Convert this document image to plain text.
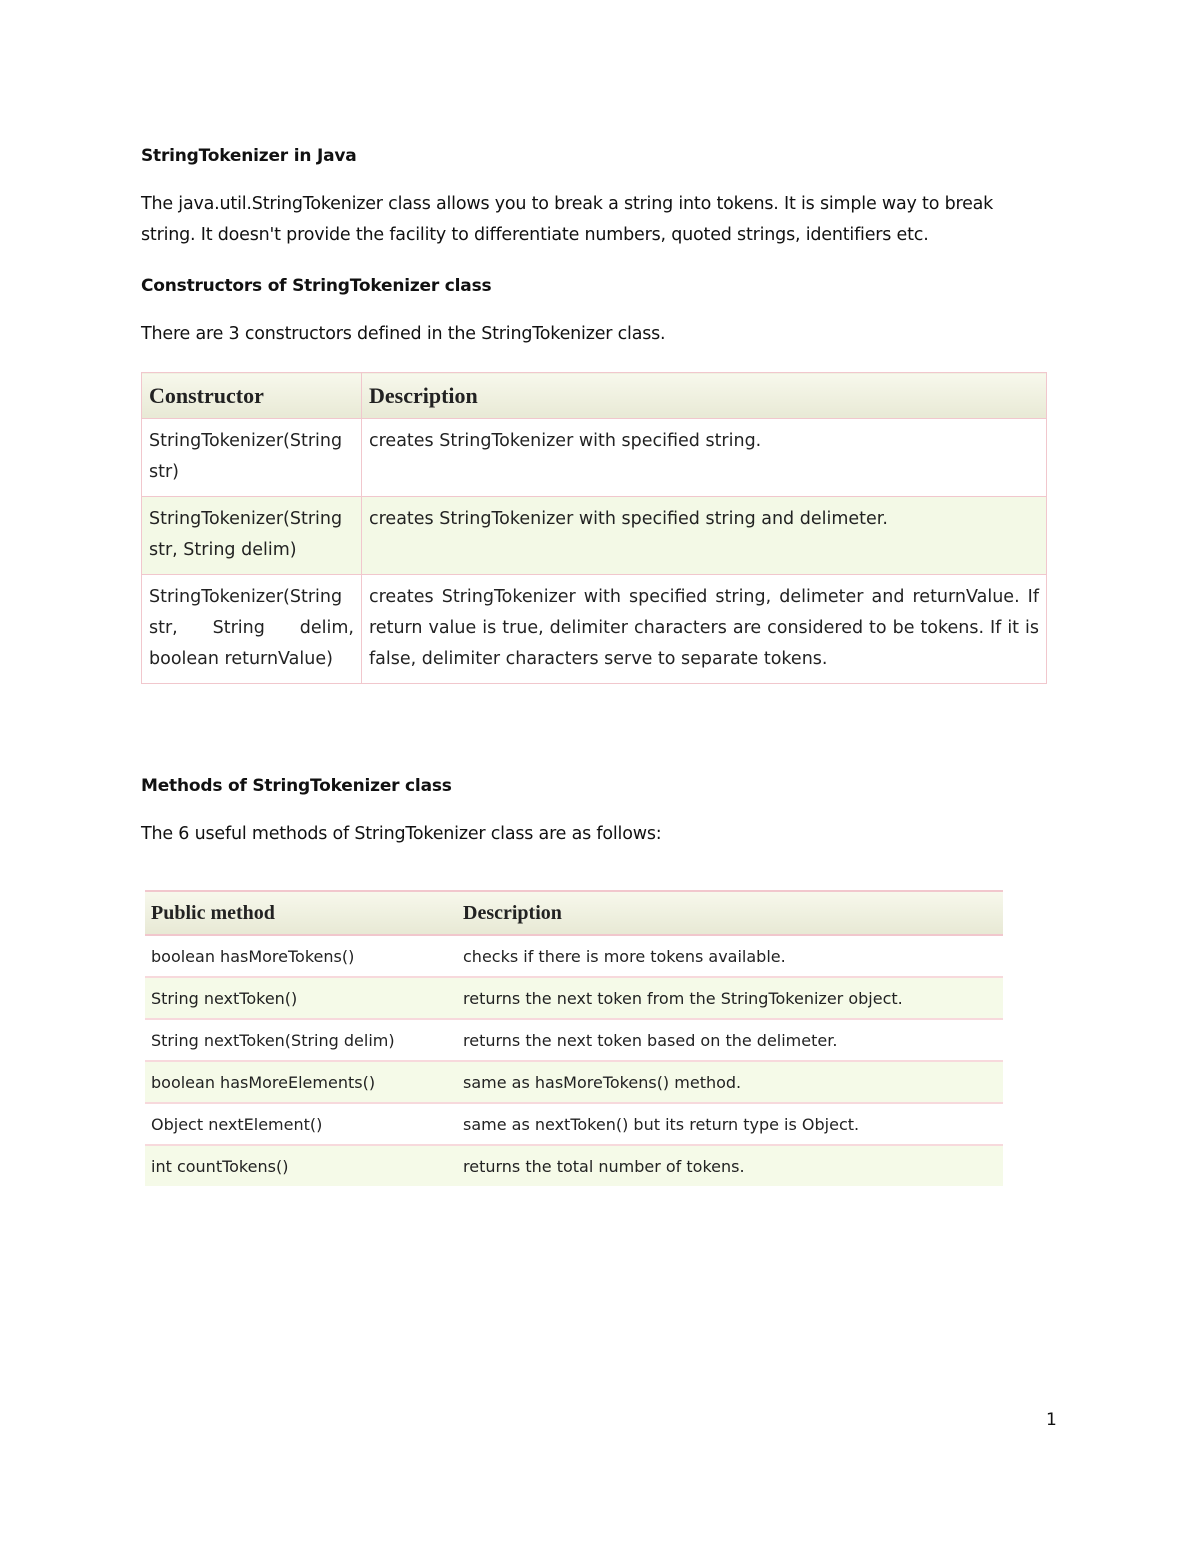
StringTokenizer in Java
The java.util.StringTokenizer class allows you to break a string into tokens. It is simple way to break
string. It doesn't provide the facility to differentiate numbers, quoted strings, identifiers etc.
Constructors of StringTokenizer class

There are 3 constructors defined in the StringTokenizer class.

Constructor	Description
StringTokenizer(String str)	creates StringTokenizer with specified string.
StringTokenizer(String str, String delim)	creates StringTokenizer with specified string and delimeter.
StringTokenizer(String str, String delim, boolean returnValue)	creates StringTokenizer with specified string, delimeter and returnValue. If return value is true, delimiter characters are considered to be tokens. If it is false, delimiter characters serve to separate tokens.
Methods of StringTokenizer class

The 6 useful methods of StringTokenizer class are as follows:

Public method	Description
boolean hasMoreTokens()	checks if there is more tokens available.
String nextToken()	returns the next token from the StringTokenizer object.
String nextToken(String delim)	returns the next token based on the delimeter.
boolean hasMoreElements()	same as hasMoreTokens() method.
Object nextElement()	same as nextToken() but its return type is Object.
int countTokens()	returns the total number of tokens.
1
